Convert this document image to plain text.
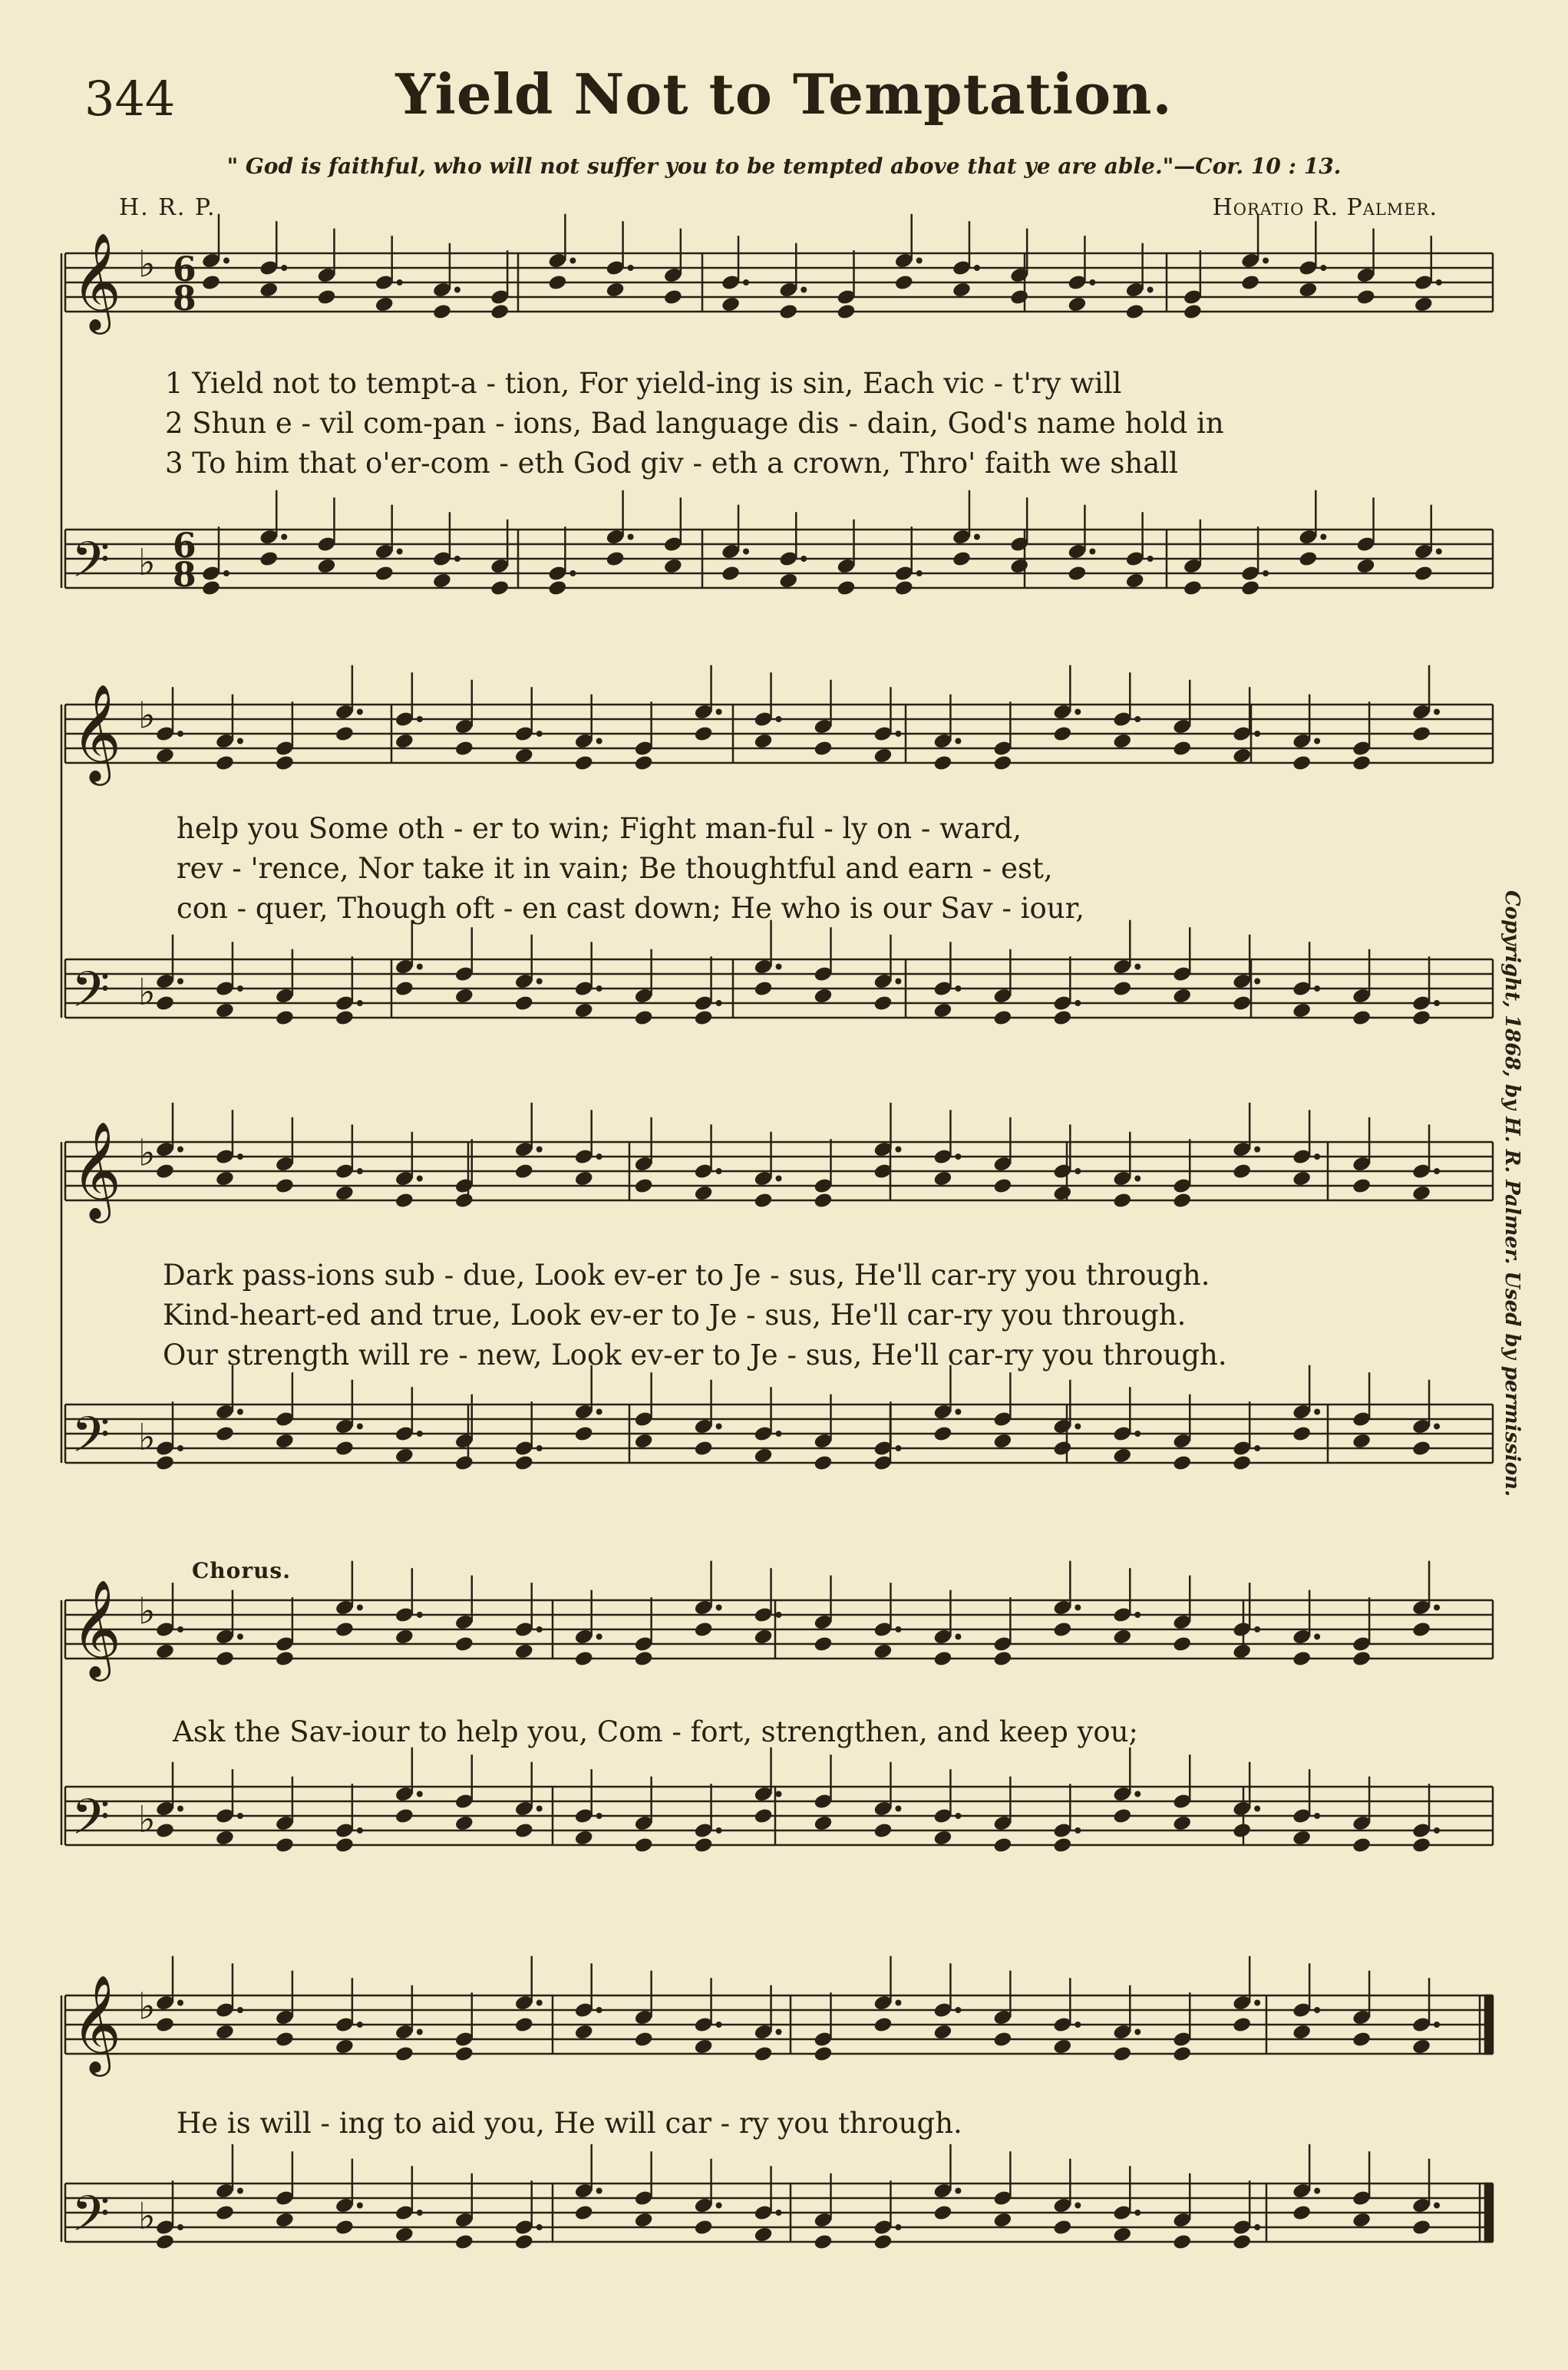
344	Yield Not to Temptation.
" God is faithful, who will not suffer you to be tempted above that ye are able."—Cor. 10 : 13.
H. R. P.	Horatio R. Palmer.
Copyright, 1868, by H. R. Palmer. Used by permission.
1 Yield not to tempt-a - tion, For yield-ing is sin, Each vic - t'ry will
2 Shun e - vil com-pan - ions, Bad language dis - dain, God's name hold in
3 To him that o'er-com - eth God giv - eth a crown, Thro' faith we shall
help you Some oth - er to win; Fight man-ful - ly on - ward,
rev - 'rence, Nor take it in vain; Be thoughtful and earn - est,
con - quer, Though oft - en cast down; He who is our Sav - iour,
Dark pass-ions sub - due, Look ev-er to Je - sus, He'll car-ry you through.
Kind-heart-ed and true, Look ev-er to Je - sus, He'll car-ry you through.
Our strength will re - new, Look ev-er to Je - sus, He'll car-ry you through.
Chorus.
Ask the Sav-iour to help you, Com - fort, strengthen, and keep you;
He is will - ing to aid you, He will car - ry you through.
𝄞 ♭ 6
8
𝄢 ♭ 6
8
𝄞 ♭
𝄢 ♭
𝄞 ♭
𝄢 ♭
𝄞 ♭
𝄢 ♭
𝄞 ♭
𝄢 ♭
